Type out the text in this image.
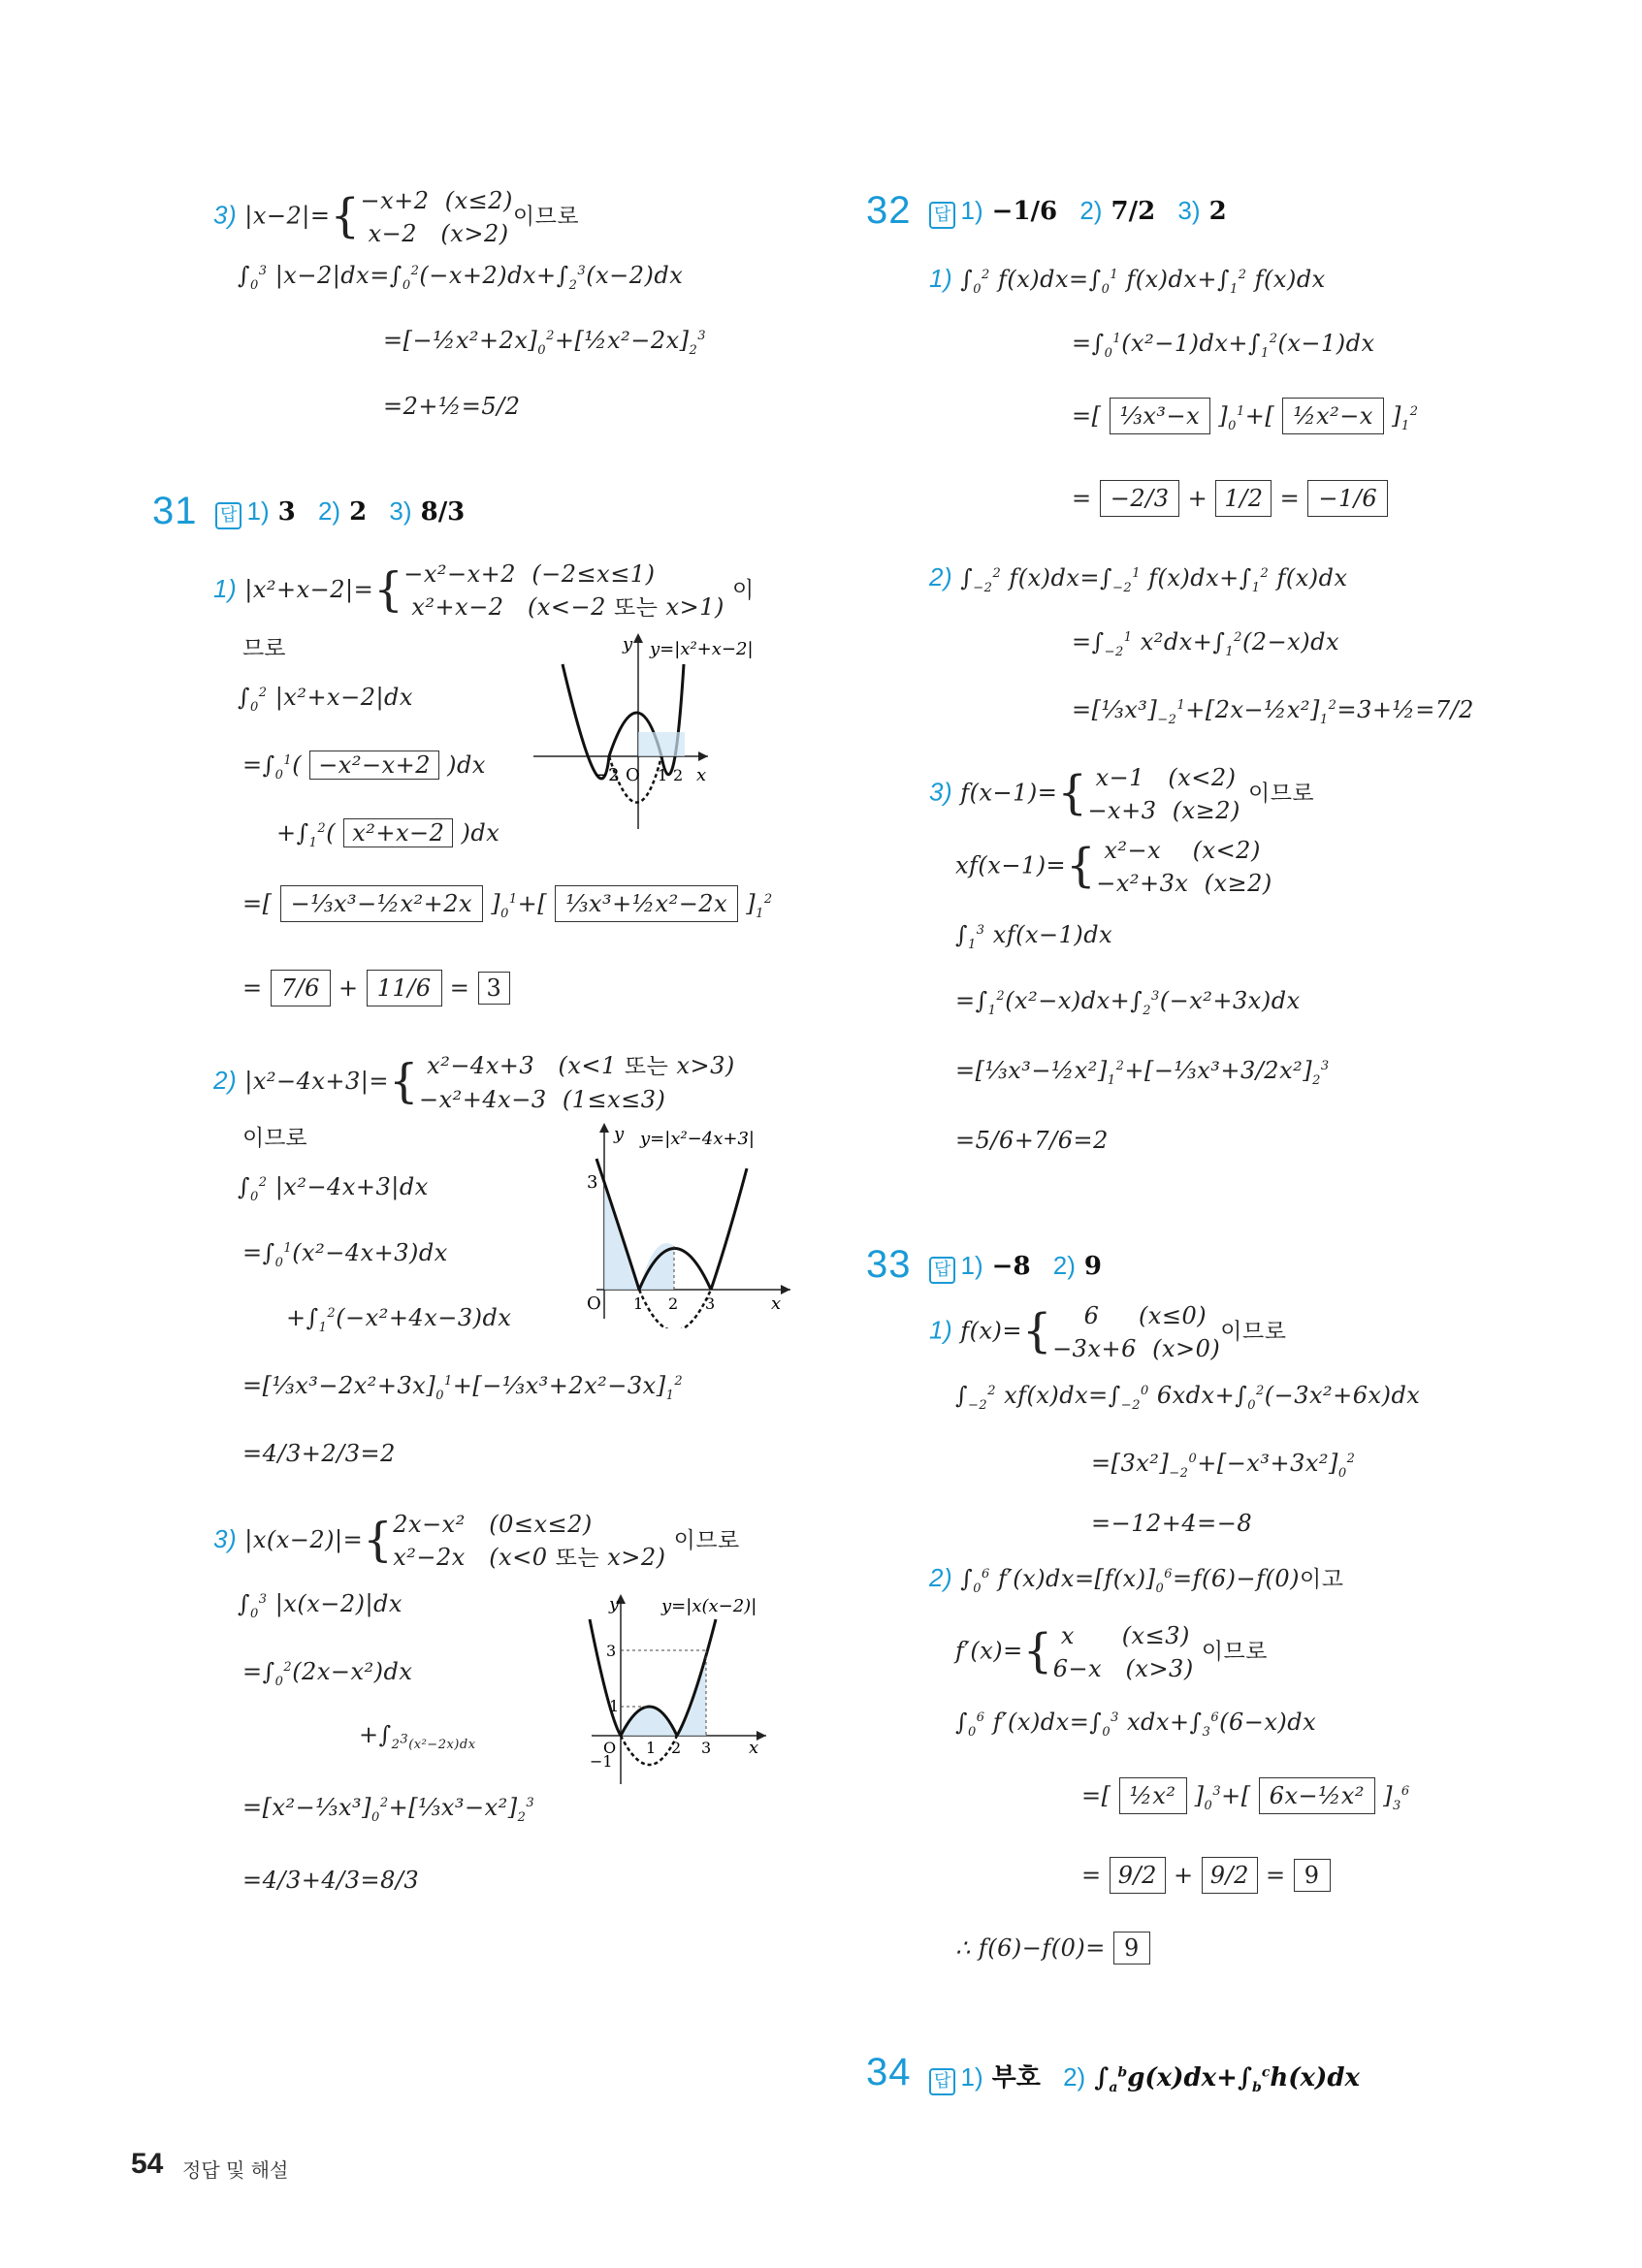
3) |x−2|={−x+2  (x≤2)
x−2   (x>2)이므로
$\int_0^3$ $|x-2|dx=\int_0^2(-x+2)dx+\int_2^3(x-2)dx$
$=[-\frac{1}{2}x^2+2x]_0^2+[\frac{1}{2}x^2-2x]_2^3$
=2+½=5/2
31 답 1) 3   2) 2   3) 8/3
1) |x²+x−2|={−x²−x+2  (−2≤x≤1)
x²+x−2   (x<−2 또는 x>1) 이
므로
$\int_0^2$ |x²+x−2|dx
$=\int_0^1( -x^2-x+2$ )dx
$+\int_1^2$( x²+x−2 )dx
=[ −⅓x³−½x²+2x ]$_0^1+$[ ⅓x³+½x²−2x ]$_1^2$
= 7/6 + 11/6 = 3
−2 O 1 2 x
y y=|x²+x−2|
2) |x²−4x+3|={ x²−4x+3   (x<1 또는 x>3)
−x²+4x−3  (1≤x≤3)
이므로
$\int_0^2$ |x²−4x+3|dx
$=\int_0^1(x^2-4x+3)dx$
$+\int_1^2(-x^2+4x-3)dx$
$=[\frac{1}{3}x^3-2x^2+3x]_0^1+[-\frac{1}{3}x^3+2x^2-3x]_1^2$
=4/3+2/3=2
3
O 1 2 3	x
y y=|x²−4x+3|
3) |x(x−2)|={2x−x²   (0≤x≤2)
x²−2x   (x<0 또는 x>2) 이므로
$\int_0^3$ |x(x−2)|dx
$=\int_0^2(2x-x^2)dx$
$+\int_{2^3(x^2-2x)dx}$
$=[x^2-\frac{1}{3}x^3]_0^2+[\frac{1}{3}x^3-x^2]_2^3$
=4/3+4/3=8/3
3
1
−1
O 1 2 3 x
y y=|x(x−2)|
32 답 1) −1/6   2) 7/2   3) 2
1) $\int_0^2$ $f(x)dx=\int_0^1$ $f(x)dx+\int_1^2$ f(x)dx
$=\int_0^1(x^2-1)dx+\int_1^2(x-1)dx$
=[ ⅓x³−x ]$_0^1+$[ ½x²−x ]$_1^2$
= −2/3 + 1/2 = −1/6
2) $\int_{-2}^2$ $f(x)dx=\int_{-2}^1$ $f(x)dx+\int_1^2$ f(x)dx
$=\int_{-2}^1$ $x^2dx+\int_1^2(2-x)dx$
$=[\frac{1}{3}x^3]_{-2}^1+[2x-\frac{1}{2}x^2]_1^2=3+\frac{1}{2}=7/2$
3) f(x−1)={ x−1   (x<2)
−x+3  (x≥2) 이므로
xf(x−1)={ x²−x    (x<2)
−x²+3x  (x≥2)
$\int_1^3$ xf(x−1)dx
$=\int_1^2(x^2-x)dx+\int_2^3(-x^2+3x)dx$
$=[\frac{1}{3}x^3-\frac{1}{2}x^2]_1^2+[-\frac{1}{3}x^3+3/2x^2]_2^3$
=5/6+7/6=2
33 답 1) −8   2) 9
1) f(x)={    6     (x≤0)
−3x+6  (x>0)이므로
$\int_{-2}^2$ $xf(x)dx=\int_{-2}^0$ $6xdx+\int_0^2(-3x^2+6x)dx$
$=[3x^2]_{-2}^0+[-x^3+3x^2]_0^2$
=−12+4=−8
2) $\int_0^6$ $f'(x)dx=[f(x)]_0^6=f(6)-f(0)$이고
f′(x)={ x      (x≤3)
6−x   (x>3) 이므로
$\int_0^6$ $f'(x)dx=\int_0^3$ $xdx+\int_3^6(6-x)dx$
=[ ½x² ]$_0^3+$[ 6x−½x² ]$_3^6$
= 9/2 + 9/2 = 9
∴ f(6)−f(0)= 9
34 답 1) 부호   2) $\int_a^bg(x)dx+\int_b^ch(x)dx$
54 정답 및 해설
